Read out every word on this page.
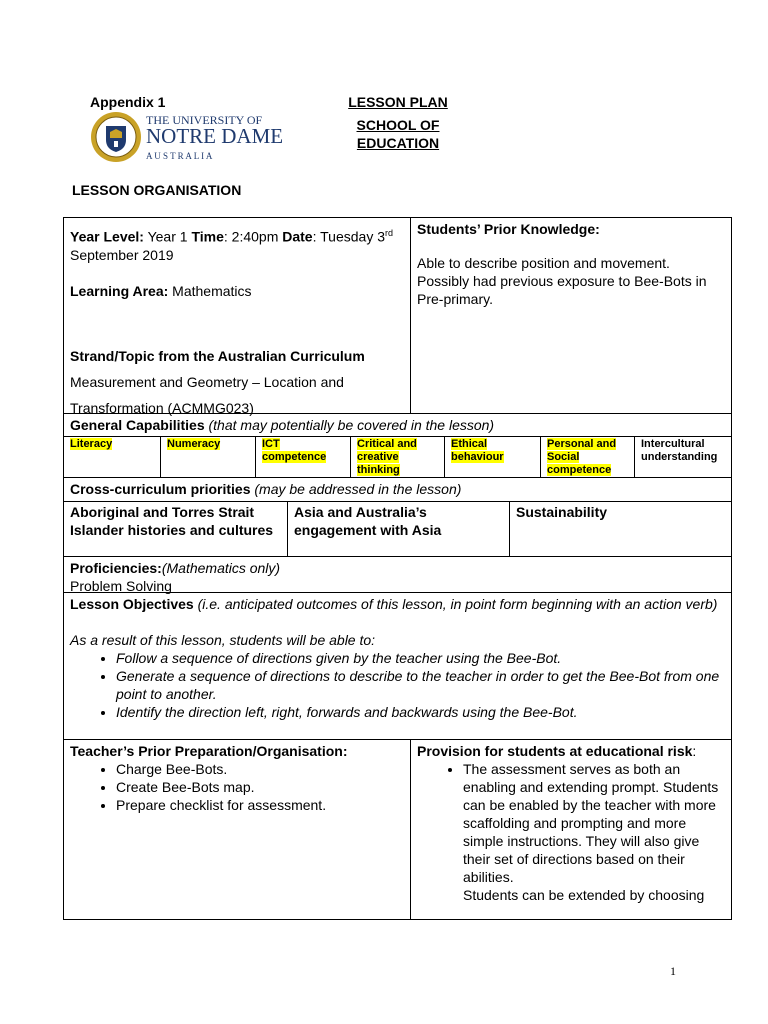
Appendix 1
THE UNIVERSITY OF
NOTRE DAME
A U S T R A L I A
LESSON PLAN
SCHOOL OF
EDUCATION
LESSON ORGANISATION
Year Level: Year 1 Time: 2:40pm Date: Tuesday 3rd September 2019
Learning Area: Mathematics
Strand/Topic from the Australian Curriculum
Measurement and Geometry – Location and
Transformation (ACMMG023)
Students’ Prior Knowledge:
Able to describe position and movement. Possibly had previous exposure to Bee-Bots in Pre-primary.
General Capabilities (that may potentially be covered in the lesson)
Literacy	Numeracy	ICT competence
Critical and creative thinking
Ethical behaviour
Personal and Social competence
Intercultural understanding
Cross-curriculum priorities (may be addressed in the lesson)
Aboriginal and Torres Strait Islander histories and cultures
Asia and Australia’s engagement with Asia
Sustainability
Proficiencies:(Mathematics only)
Problem Solving
Lesson Objectives (i.e. anticipated outcomes of this lesson, in point form beginning with an action verb)
As a result of this lesson, students will be able to:
• Follow a sequence of directions given by the teacher using the Bee-Bot.
• Generate a sequence of directions to describe to the teacher in order to get the Bee-Bot from one point to another.
• Identify the direction left, right, forwards and backwards using the Bee-Bot.
Teacher’s Prior Preparation/Organisation:
• Charge Bee-Bots.
• Create Bee-Bots map.
• Prepare checklist for assessment.
Provision for students at educational risk:
• The assessment serves as both an enabling and extending prompt. Students can be enabled by the teacher with more scaffolding and prompting and more simple instructions. They will also give their set of directions based on their abilities.
Students can be extended by choosing
1
